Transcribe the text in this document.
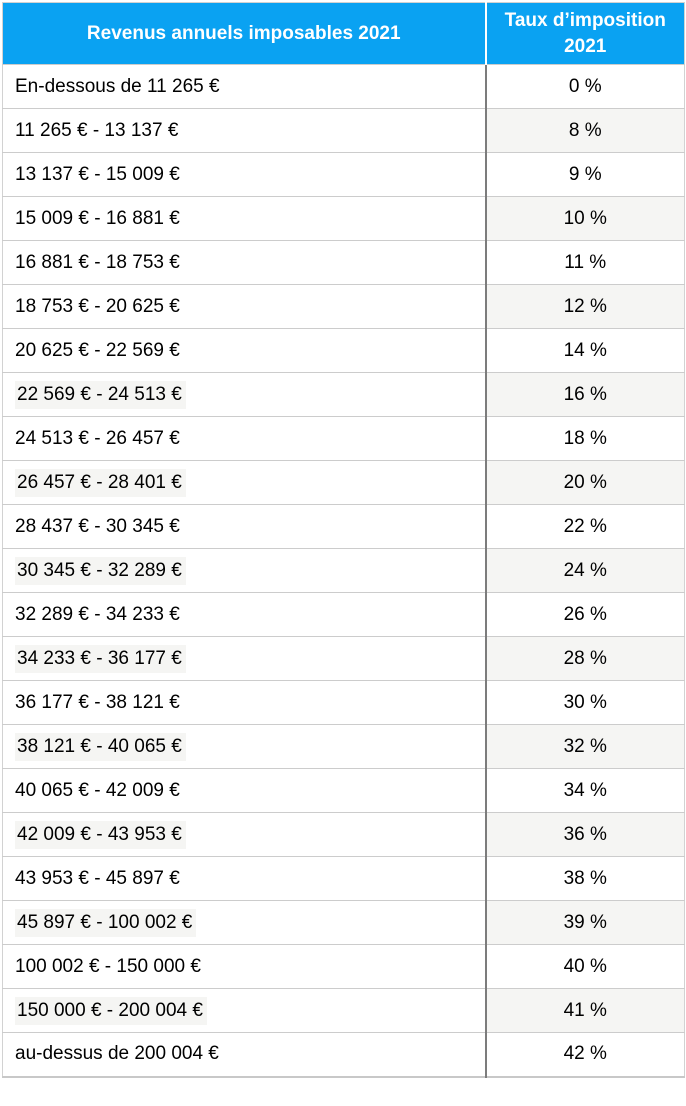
Revenus annuels imposables 2021	Taux d’imposition 2021
En-dessous de 11 265 €	0 %
11 265 € - 13 137 €	8 %
13 137 € - 15 009 €	9 %
15 009 € - 16 881 €	10 %
16 881 € - 18 753 €	11 %
18 753 € - 20 625 €	12 %
20 625 € - 22 569 €	14 %
22 569 € - 24 513 €	16 %
24 513 € - 26 457 €	18 %
26 457 € - 28 401 €	20 %
28 437 € - 30 345 €	22 %
30 345 € - 32 289 €	24 %
32 289 € - 34 233 €	26 %
34 233 € - 36 177 €	28 %
36 177 € - 38 121 €	30 %
38 121 € - 40 065 €	32 %
40 065 € - 42 009 €	34 %
42 009 € - 43 953 €	36 %
43 953 € - 45 897 €	38 %
45 897 € - 100 002 €	39 %
100 002 € - 150 000 €	40 %
150 000 € - 200 004 €	41 %
au-dessus de 200 004 €	42 %
